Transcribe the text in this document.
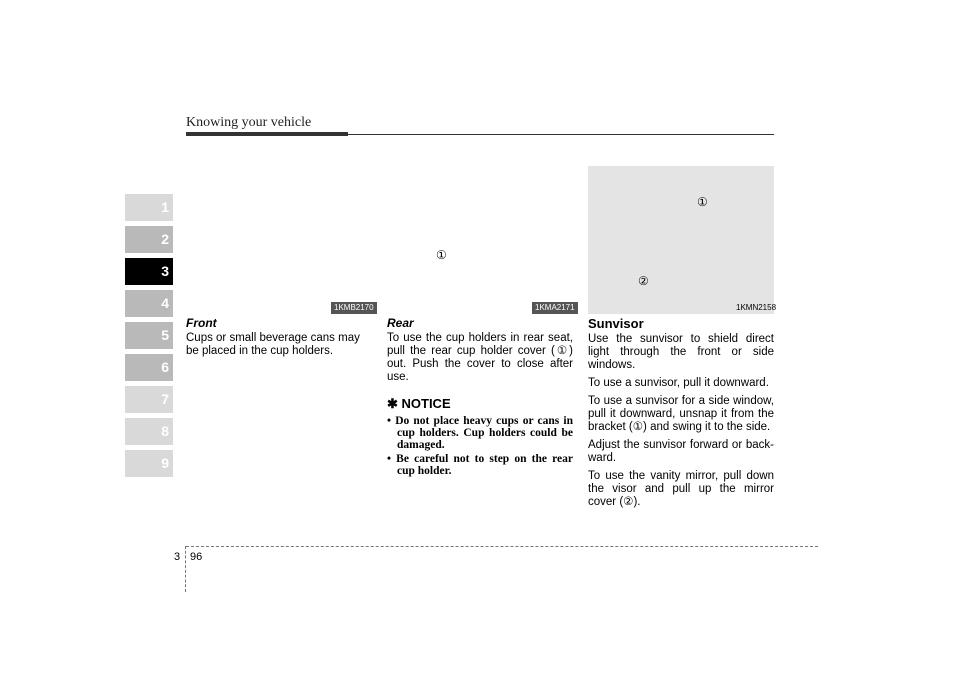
Knowing your vehicle
1
2
3
4
5
6
7
8
9
1KMB2170
Front

Cups or small beverage cans may be placed in the cup holders.

①
1KMA2171
Rear

To use the cup holders in rear seat, pull the rear cup holder cover (①) out. Push the cover to close after use.

✱ NOTICE
• Do not place heavy cups or cans in cup holders. Cup holders could be damaged.
• Be careful not to step on the rear cup holder.
①
②
1KMN2158
Sunvisor

Use the sunvisor to shield direct light through the front or side windows.

To use a sunvisor, pull it downward.

To use a sunvisor for a side window, pull it downward, unsnap it from the bracket (①) and swing it to the side.

Adjust the sunvisor forward or back-ward.

To use the vanity mirror, pull down the visor and pull up the mirror cover (②).

3 96
